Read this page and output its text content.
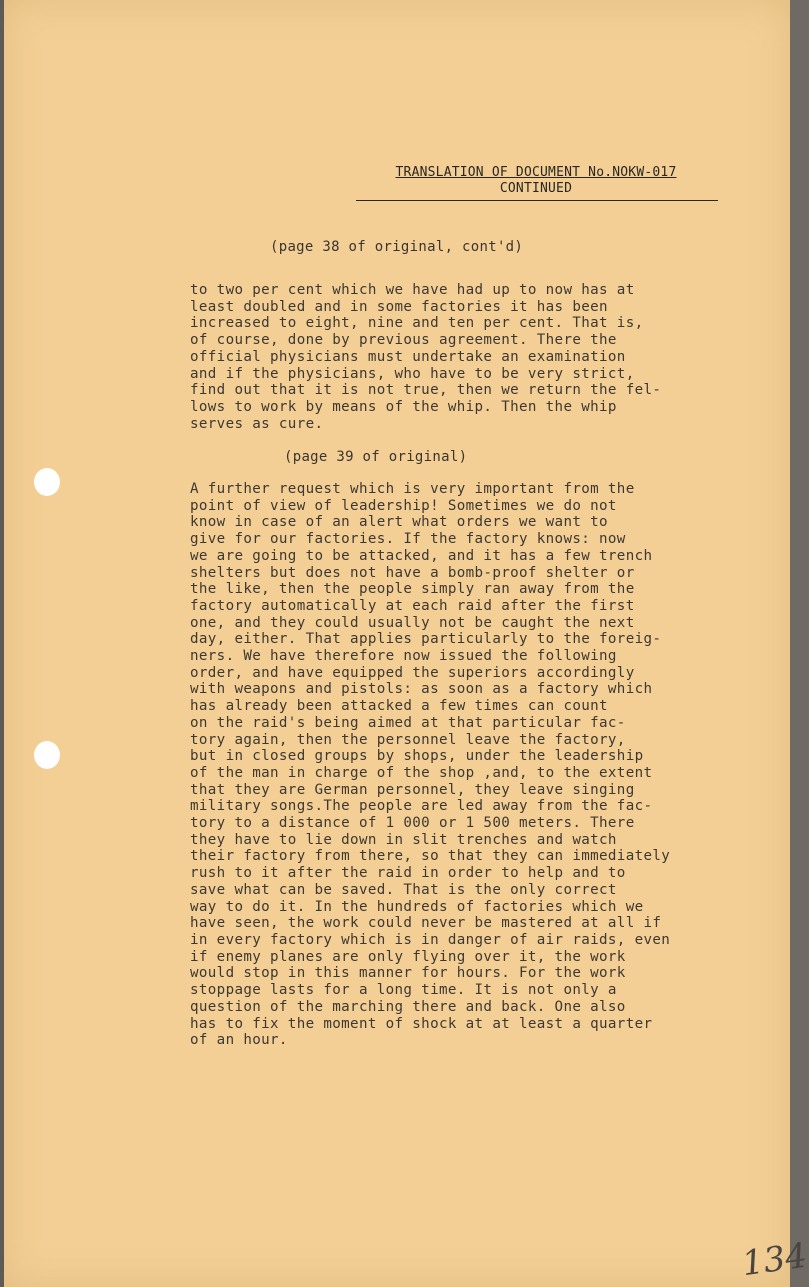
TRANSLATION OF DOCUMENT No.NOKW-017
CONTINUED
(page 38 of original, cont'd)
to two per cent which we have had up to now has at
least doubled and in some factories it has been
increased to eight, nine and ten per cent. That is,
of course, done by previous agreement. There the
official physicians must undertake an examination
and if the physicians, who have to be very strict,
find out that it is not true, then we return the fel-
lows to work by means of the whip. Then the whip
serves as cure.
(page 39 of original)
A further request which is very important from the
point of view of leadership! Sometimes we do not
know in case of an alert what orders we want to
give for our factories. If the factory knows: now
we are going to be attacked, and it has a few trench
shelters but does not have a bomb-proof shelter or
the like, then the people simply ran away from the
factory automatically at each raid after the first
one, and they could usually not be caught the next
day, either. That applies particularly to the foreig-
ners. We have therefore now issued the following
order, and have equipped the superiors accordingly
with weapons and pistols: as soon as a factory which
has already been attacked a few times can count
on the raid's being aimed at that particular fac-
tory again, then the personnel leave the factory,
but in closed groups by shops, under the leadership
of the man in charge of the shop ,and, to the extent
that they are German personnel, they leave singing
military songs.The people are led away from the fac-
tory to a distance of 1 000 or 1 500 meters. There
they have to lie down in slit trenches and watch
their factory from there, so that they can immediately
rush to it after the raid in order to help and to
save what can be saved. That is the only correct
way to do it. In the hundreds of factories which we
have seen, the work could never be mastered at all if
in every factory which is in danger of air raids, even
if enemy planes are only flying over it, the work
would stop in this manner for hours. For the work
stoppage lasts for a long time. It is not only a
question of the marching there and back. One also
has to fix the moment of shock at at least a quarter
of an hour.
134
